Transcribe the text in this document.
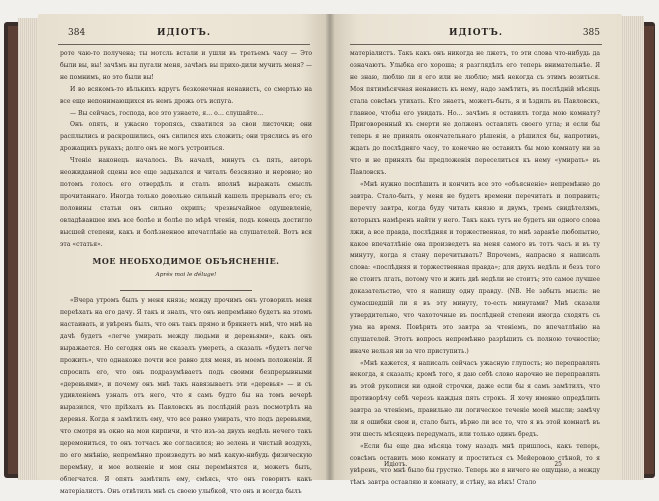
384	ИДІОТЪ.

роте чаю-то получена; ты мотсль встали и ушли въ третьемъ часу — Это были вы, вы! зачѣмъ вы пугали меня, зачѣмъ вы прихо-дили мучить меня? — не помнимъ, но это были вы!

И во всякомъ-то вѣлькихъ вдругъ безконечная ненависть, со смертью на все еще непонимающихся въ немъ дрожь отъ испуга.

— Вы сейчасъ, господа, все это узнаете, я… о… слушайте…

Онъ опять, и ужасно торопясь, схватился за свои листочки; они расплылись и раскрошились, онъ силился ихъ сложить; они тряслись въ его дрожащихъ рукахъ; долго онъ не могъ устроиться.

Чтеніе наконецъ началось. Въ началѣ, минутъ съ пять, авторъ неожиданной сцены все еще задыхался и читалъ безсвязно и неровно; но потомъ голосъ его отвердѣлъ и сталъ вполнѣ выражать смыслъ прочитаннаго. Иногда только довольно сильный кашель прерывалъ его; съ половины статьи онъ сильно охрипъ; чрезвычайное одушевленіе, овладѣвавшее имъ все болѣе и болѣе по мѣрѣ чтенія, подъ конецъ достигло высшей степени, какъ и болѣзненное впечатлѣніе на слушателей. Вотъ вся эта «статья».

МОЕ НЕОБХОДИМОЕ ОБЪЯСНЕНІЕ.
Après moi le déluge!

«Вчера утромъ былъ у меня князь; между прочимъ онъ уговорилъ меня переѣхать на его дачу. Я такъ и зналъ, что онъ непремѣнно будетъ на этомъ настаивать, и увѣренъ былъ, что онъ такъ прямо и брякнетъ мнѣ, что мнѣ на дачѣ будетъ «легче умирать между людьми и деревьями», какъ онъ выражается. Но сегодня онъ не сказалъ умереть, а сказалъ «будетъ легче прожить», что однакоже почти все равно для меня, въ моемъ положеніи. Я спросилъ его, что онъ подразумѣваетъ подъ своими безпрерывными «деревьями», и почему онъ мнѣ такъ навязываетъ эти «деревья» — и съ удивленіемъ узналъ отъ него, что я самъ будто бы на томъ вечерѣ выразился, что пріѣхалъ въ Павловскъ въ послѣдній разъ посмотрѣть на деревья. Когда я замѣтилъ ему, что все равно умирать, что подъ деревьями, что смотря въ окно на мои кирпичи, и что изъ-за двухъ недѣль нечего такъ церемониться, то онъ тотчасъ же согласился; но зелень и чистый воздухъ, по его мнѣнію, непремѣнно произведутъ во мнѣ какую-нибудь физическую перемѣну, и мое волненіе и мои сны перемѣнятся и, можетъ быть, облегчатся. Я опять замѣтилъ ему, смѣясь, что онъ говоритъ какъ матеріалистъ. Онъ отвѣтилъ мнѣ съ своею улыбкой, что онъ и всегда былъ

ИДІОТЪ.	385

матеріалистъ. Такъ какъ онъ никогда не лжетъ, то эти слова что-нибудь да означаютъ. Улыбка его хороша; я разглядѣлъ его теперь внимательнѣе. Я не знаю, люблю ли я его или не люблю; мнѣ некогда съ этимъ возиться. Моя пятимѣсячная ненависть къ нему, надо замѣтить, въ послѣдній мѣсяцъ стала совсѣмъ утихать. Кто знаетъ, можетъ-быть, я и ѣздилъ въ Павловскъ, главное, чтобы его увидать. Но… зачѣмъ я оставилъ тогда мою комнату? Приговоренный къ смерти не долженъ оставлять своего угла; и если бы теперь я не принялъ окончательнаго рѣшенія, а рѣшился бы, напротивъ, ждать до послѣдняго часу, то конечно не оставилъ бы мою комнату ни за что и не принялъ бы предложенія переселиться къ нему «умирать» въ Павловскъ.

«Мнѣ нужно поспѣшить и кончить все это «объясненіе» непремѣнно до завтра. Стало-быть, у меня не будетъ времени перечитать и поправить; перечту завтра, когда буду читать князю и двумъ, тремъ свидѣтелямъ, которыхъ намѣренъ найти у него. Такъ какъ тутъ не будетъ ни одного слова лжи, а все правда, послѣдняя и торжественная, то мнѣ заранѣе любопытно, какое впечатлѣніе она произведетъ на меня самого въ тотъ часъ и въ ту минуту, когда я стану перечитывать? Впрочемъ, напрасно я написалъ слова: «послѣдняя и торжественная правда»; для двухъ недѣль и безъ того не стоитъ лгать, потому что и жить двѣ недѣли не стоитъ; это самое лучшее доказательство, что я напишу одну правду. (NB. Не забыть мысль: не сумасшедшій ли я въ эту минуту, то-есть минутами? Мнѣ сказали утвердительно, что чахоточные въ послѣдней степени иногда сходятъ съ ума на время. Повѣрить это завтра за чтеніемъ, по впечатлѣнію на слушателей. Этотъ вопросъ непремѣнно разрѣшить съ полною точностію; иначе нельзя ни за что приступить.)

«Мнѣ кажется, я написалъ сейчасъ ужасную глупость; но переправлять некогда, я сказалъ; кромѣ того, я даю себѣ слово нарочно не переправлять въ этой рукописи ни одной строчки, даже если бы я самъ замѣтилъ, что противорѣчу себѣ черезъ каждыя пять строкъ. Я хочу именно опредѣлить завтра за чтеніемъ, правильно ли логическое теченіе моей мысли; замѣчу ли я ошибки свои и, стало быть, вѣрно ли все то, что я въ этой комнатѣ въ эти шесть мѣсяцевъ передумалъ, или только одинъ бредъ.

«Если бы еще два мѣсяца тому назадъ мнѣ пришлось, какъ теперь, совсѣмъ оставить мою комнату и проститься съ Мейеровою стѣной, то я увѣренъ, что мнѣ было бы грустно. Теперь же я ничего не ощущаю, а между тѣмъ завтра оставляю и комнату, и стѣну, на вѣкъ! Стало

Идіотъ.	25
